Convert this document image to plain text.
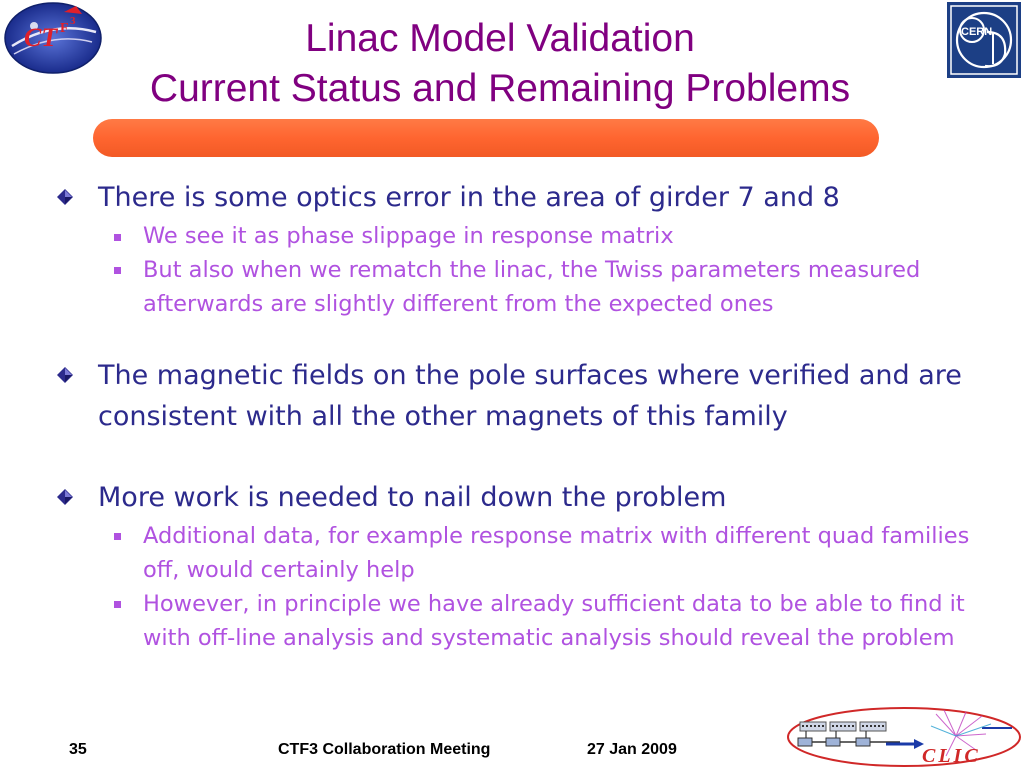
CT F 3
CERN
Linac Model Validation
Current Status and Remaining Problems
There is some optics error in the area of girder 7 and 8
We see it as phase slippage in response matrix
But also when we rematch the linac, the Twiss parameters measured afterwards are slightly different from the expected ones
The magnetic fields on the pole surfaces where verified and are consistent with all the other magnets of this family
More work is needed to nail down the problem
Additional data, for example response matrix with different quad families off, would certainly help
However, in principle we have already sufficient data to be able to find it with off-line analysis and systematic analysis should reveal the problem
35	CTF3 Collaboration Meeting	27 Jan 2009	CLIC
